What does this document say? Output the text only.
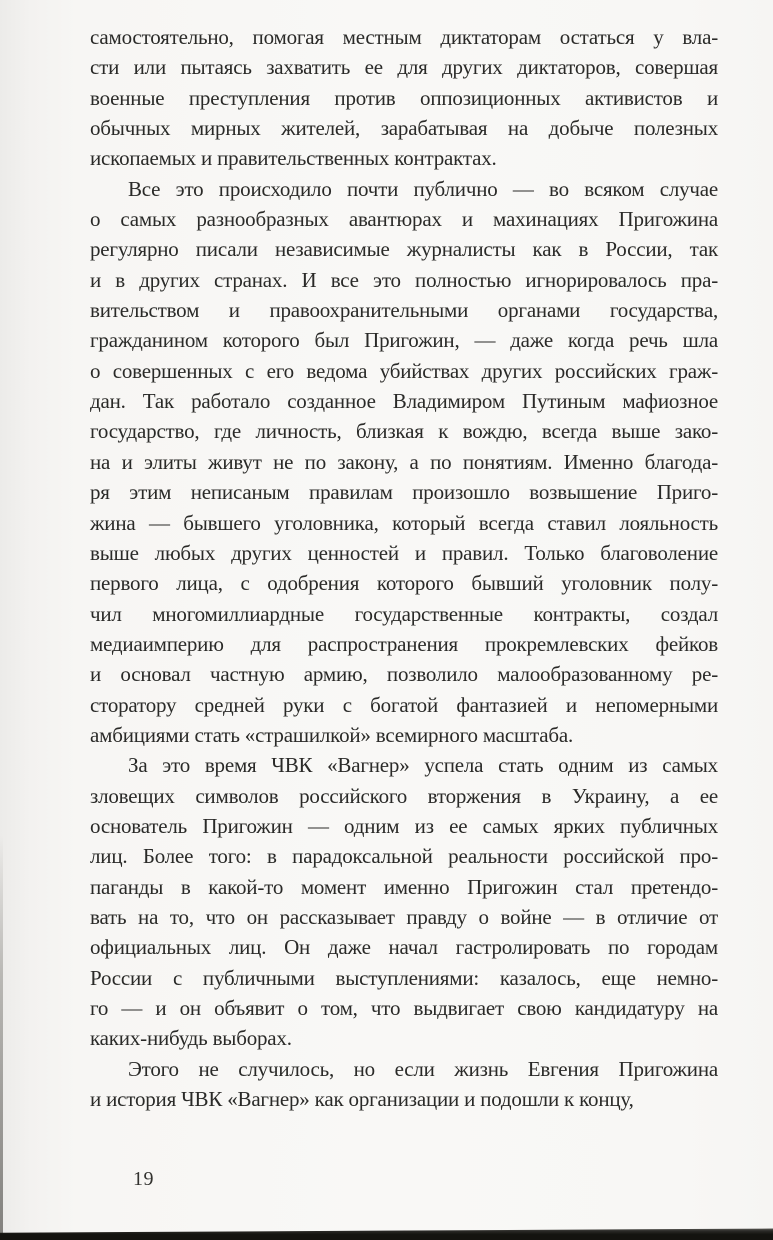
самостоятельно, помогая местным диктаторам остаться у вла-
сти или пытаясь захватить ее для других диктаторов, совершая
военные преступления против оппозиционных активистов и
обычных мирных жителей, зарабатывая на добыче полезных
ископаемых и правительственных контрактах.
Все это происходило почти публично — во всяком случае
о самых разнообразных авантюрах и махинациях Пригожина
регулярно писали независимые журналисты как в России, так
и в других странах. И все это полностью игнорировалось пра-
вительством и правоохранительными органами государства,
гражданином которого был Пригожин, — даже когда речь шла
о совершенных с его ведома убийствах других российских граж-
дан. Так работало созданное Владимиром Путиным мафиозное
государство, где личность, близкая к вождю, всегда выше зако-
на и элиты живут не по закону, а по понятиям. Именно благода-
ря этим неписаным правилам произошло возвышение Приго-
жина — бывшего уголовника, который всегда ставил лояльность
выше любых других ценностей и правил. Только благоволение
первого лица, с одобрения которого бывший уголовник полу-
чил многомиллиардные государственные контракты, создал
медиаимперию для распространения прокремлевских фейков
и основал частную армию, позволило малообразованному ре-
сторатору средней руки с богатой фантазией и непомерными
амбициями стать «страшилкой» всемирного масштаба.
За это время ЧВК «Вагнер» успела стать одним из самых
зловещих символов российского вторжения в Украину, а ее
основатель Пригожин — одним из ее самых ярких публичных
лиц. Более того: в парадоксальной реальности российской про-
паганды в какой-то момент именно Пригожин стал претендо-
вать на то, что он рассказывает правду о войне — в отличие от
официальных лиц. Он даже начал гастролировать по городам
России с публичными выступлениями: казалось, еще немно-
го — и он объявит о том, что выдвигает свою кандидатуру на
каких-нибудь выборах.
Этого не случилось, но если жизнь Евгения Пригожина
и история ЧВК «Вагнер» как организации и подошли к концу,
19
